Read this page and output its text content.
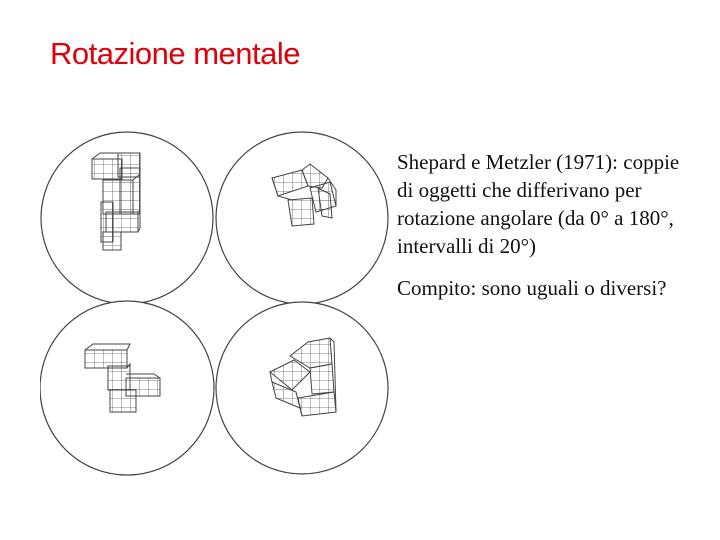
Rotazione mentale

Shepard e Metzler (1971): coppie di oggetti che differivano per rotazione angolare (da 0° a 180°, intervalli di 20°)

Compito: sono uguali o diversi?
